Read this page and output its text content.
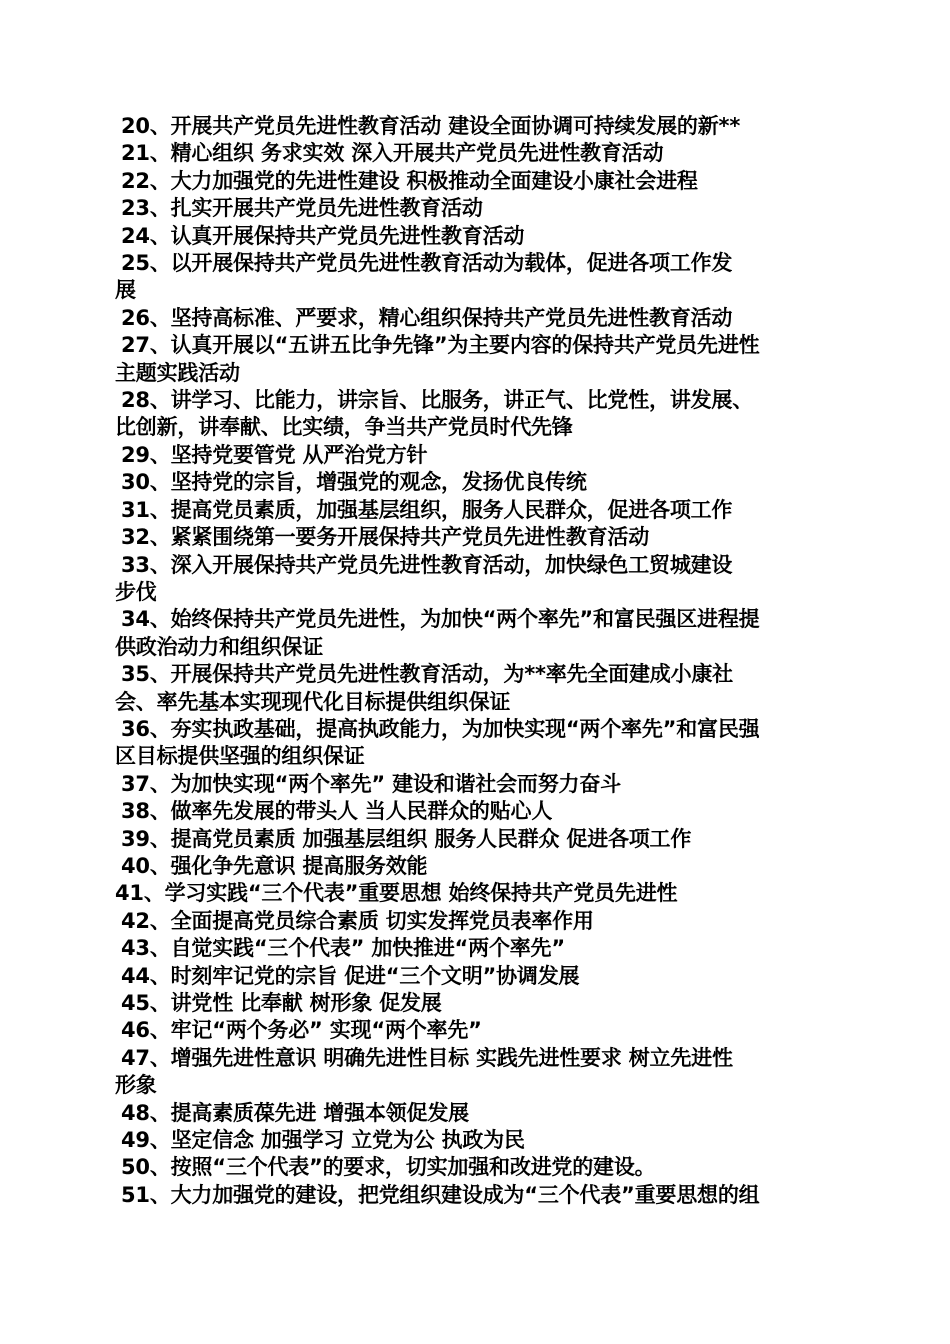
20、开展共产党员先进性教育活动 建设全面协调可持续发展的新**
21、精心组织 务求实效 深入开展共产党员先进性教育活动
22、大力加强党的先进性建设 积极推动全面建设小康社会进程
23、扎实开展共产党员先进性教育活动
24、认真开展保持共产党员先进性教育活动
25、以开展保持共产党员先进性教育活动为载体，促进各项工作发
展
26、坚持高标准、严要求，精心组织保持共产党员先进性教育活动
27、认真开展以“五讲五比争先锋”为主要内容的保持共产党员先进性
主题实践活动
28、讲学习、比能力，讲宗旨、比服务，讲正气、比党性，讲发展、
比创新，讲奉献、比实绩，争当共产党员时代先锋
29、坚持党要管党 从严治党方针
30、坚持党的宗旨，增强党的观念，发扬优良传统
31、提高党员素质，加强基层组织，服务人民群众，促进各项工作
32、紧紧围绕第一要务开展保持共产党员先进性教育活动
33、深入开展保持共产党员先进性教育活动，加快绿色工贸城建设
步伐
34、始终保持共产党员先进性，为加快“两个率先”和富民强区进程提
供政治动力和组织保证
35、开展保持共产党员先进性教育活动，为**率先全面建成小康社
会、率先基本实现现代化目标提供组织保证
36、夯实执政基础，提高执政能力，为加快实现“两个率先”和富民强
区目标提供坚强的组织保证
37、为加快实现“两个率先” 建设和谐社会而努力奋斗
38、做率先发展的带头人 当人民群众的贴心人
39、提高党员素质 加强基层组织 服务人民群众 促进各项工作
40、强化争先意识 提高服务效能
41、学习实践“三个代表”重要思想 始终保持共产党员先进性
42、全面提高党员综合素质 切实发挥党员表率作用
43、自觉实践“三个代表” 加快推进“两个率先”
44、时刻牢记党的宗旨 促进“三个文明”协调发展
45、讲党性 比奉献 树形象 促发展
46、牢记“两个务必” 实现“两个率先”
47、增强先进性意识 明确先进性目标 实践先进性要求 树立先进性
形象
48、提高素质葆先进 增强本领促发展
49、坚定信念 加强学习 立党为公 执政为民
50、按照“三个代表”的要求，切实加强和改进党的建设。
51、大力加强党的建设，把党组织建设成为“三个代表”重要思想的组
